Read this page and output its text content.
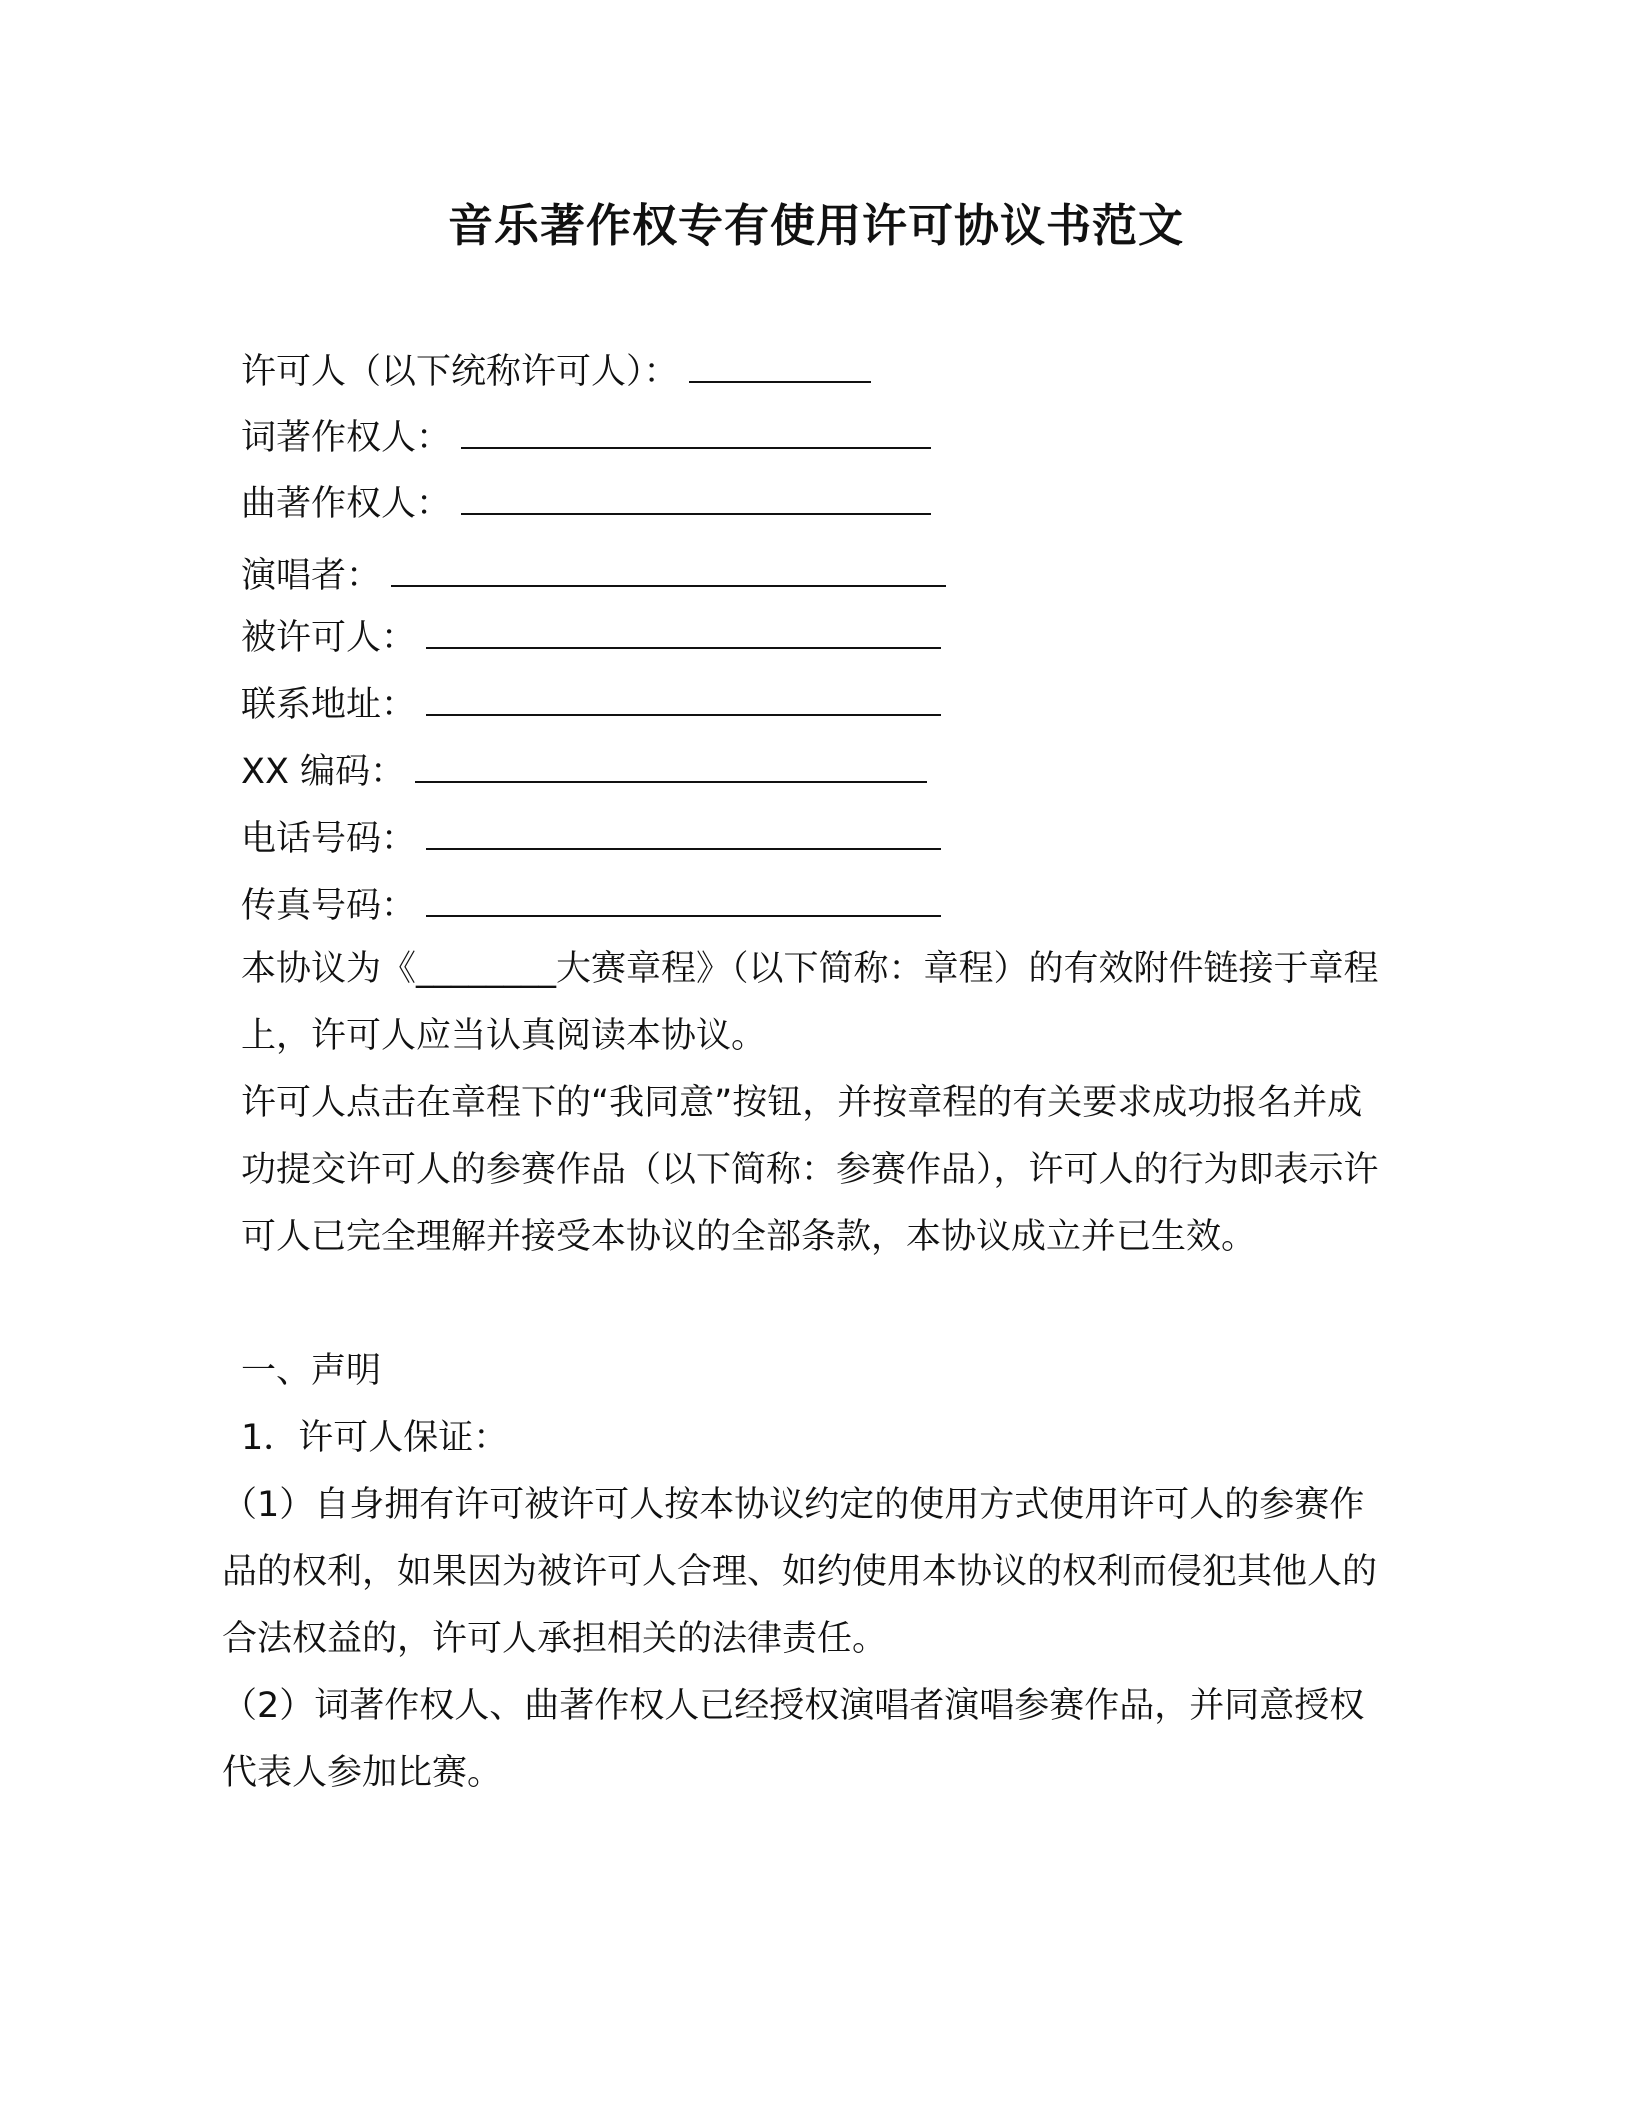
音乐著作权专有使用许可协议书范文
许可人（以下统称许可人）：
词著作权人：
曲著作权人：
演唱者：
被许可人：
联系地址：
XX 编码：
电话号码：
传真号码：
本协议为《________大赛章程》（以下简称：章程）的有效附件链接于章程上，许可人应当认真阅读本协议。
许可人点击在章程下的“我同意”按钮，并按章程的有关要求成功报名并成功提交许可人的参赛作品（以下简称：参赛作品），许可人的行为即表示许可人已完全理解并接受本协议的全部条款，本协议成立并已生效。
一、声明
1．许可人保证：
（1）自身拥有许可被许可人按本协议约定的使用方式使用许可人的参赛作品的权利，如果因为被许可人合理、如约使用本协议的权利而侵犯其他人的合法权益的，许可人承担相关的法律责任。
（2）词著作权人、曲著作权人已经授权演唱者演唱参赛作品，并同意授权代表人参加比赛。
